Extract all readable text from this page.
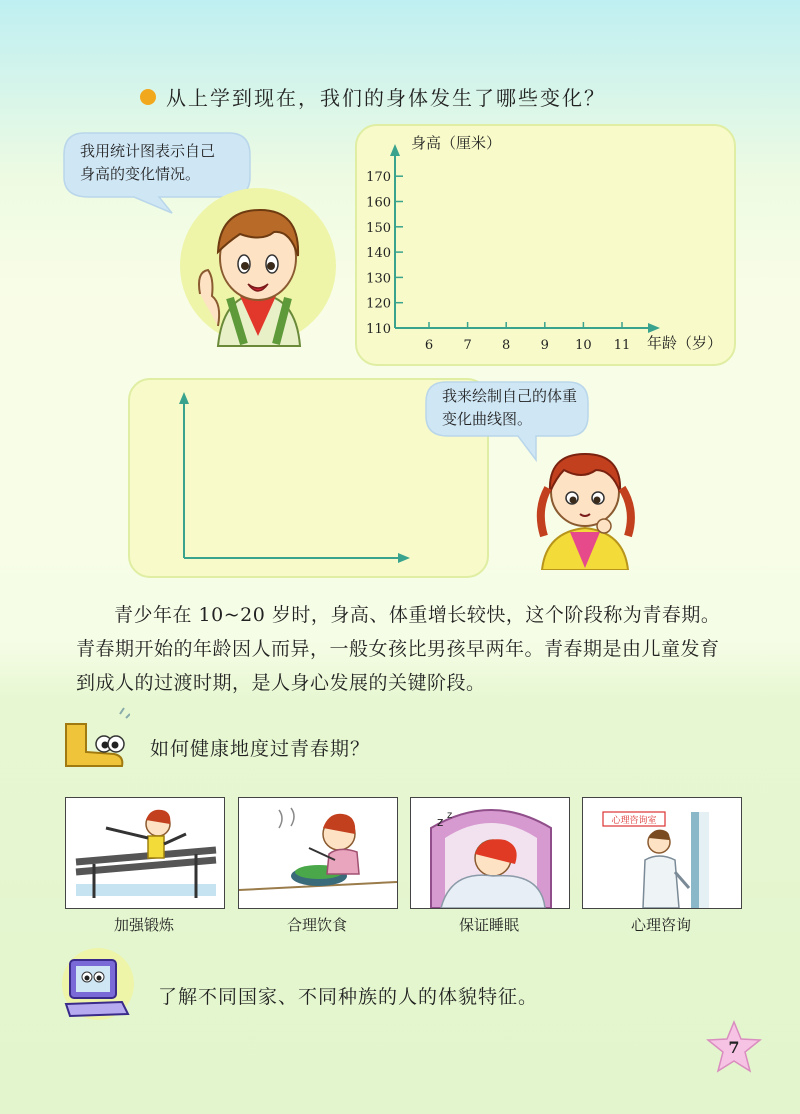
从上学到现在，我们的身体发生了哪些变化？
我用统计图表示自己
身高的变化情况。
身高（厘米）
年龄（岁）
110
120
130
140
150
160
170
6 7 8 9 10 11
我来绘制自己的体重
变化曲线图。
青少年在 10~20 岁时，身高、体重增长较快，这个阶段称为青春期。青春期开始的年龄因人而异，一般女孩比男孩早两年。青春期是由儿童发育到成人的过渡时期，是人身心发展的关键阶段。
如何健康地度过青春期？
z z	心理咨询室
加强锻炼	合理饮食	保证睡眠	心理咨询
了解不同国家、不同种族的人的体貌特征。
7
